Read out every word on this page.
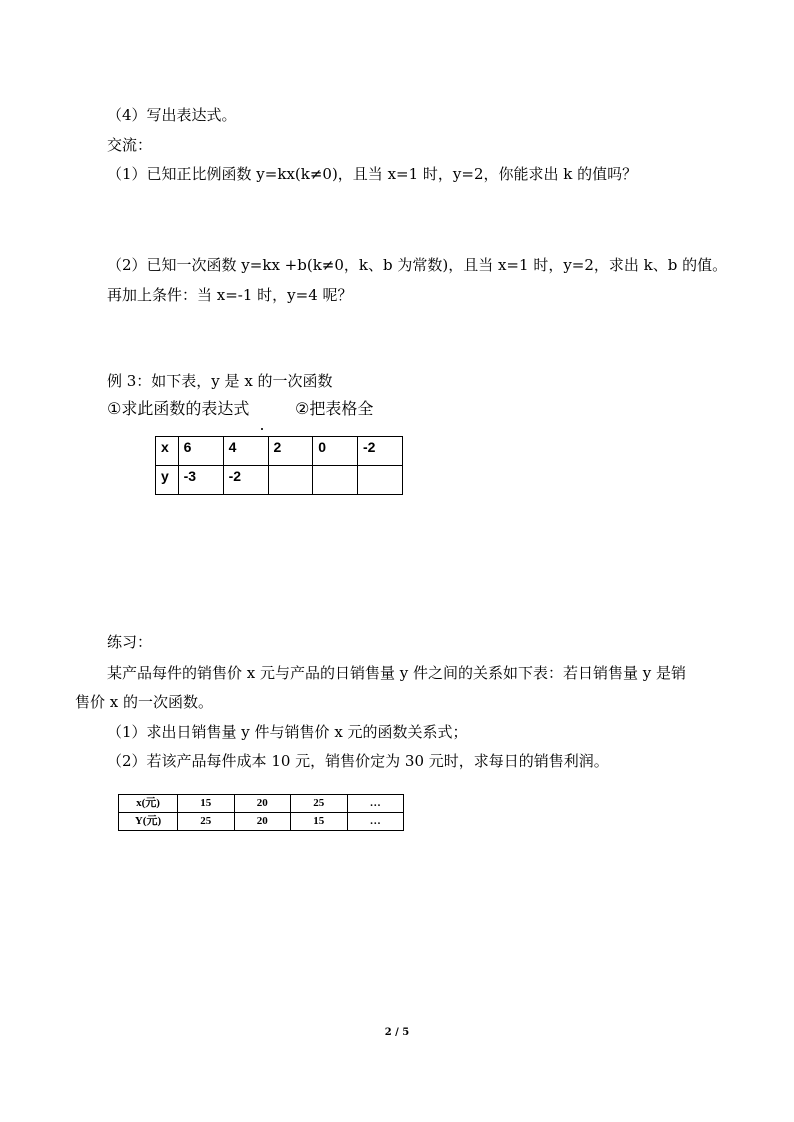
（4）写出表达式。
交流：
（1）已知正比例函数 y=kx(k≠0)，且当 x=1 时，y=2，你能求出 k 的值吗？
（2）已知一次函数 y=kx +b(k≠0，k、b 为常数)，且当 x=1 时，y=2，求出 k、b 的值。
再加上条件：当 x=-1 时，y=4 呢？
例 3：如下表，y 是 x 的一次函数
①求此函数的表达式	②把表格全
x	6	4	2	0	-2
y	-3	-2			
练习：
某产品每件的销售价 x 元与产品的日销售量 y 件之间的关系如下表：若日销售量 y 是销
售价 x 的一次函数。
（1）求出日销售量 y 件与销售价 x 元的函数关系式；
（2）若该产品每件成本 10 元，销售价定为 30 元时，求每日的销售利润。
x(元)	15	20	25	…
Y(元)	25	20	15	…
2 / 5
